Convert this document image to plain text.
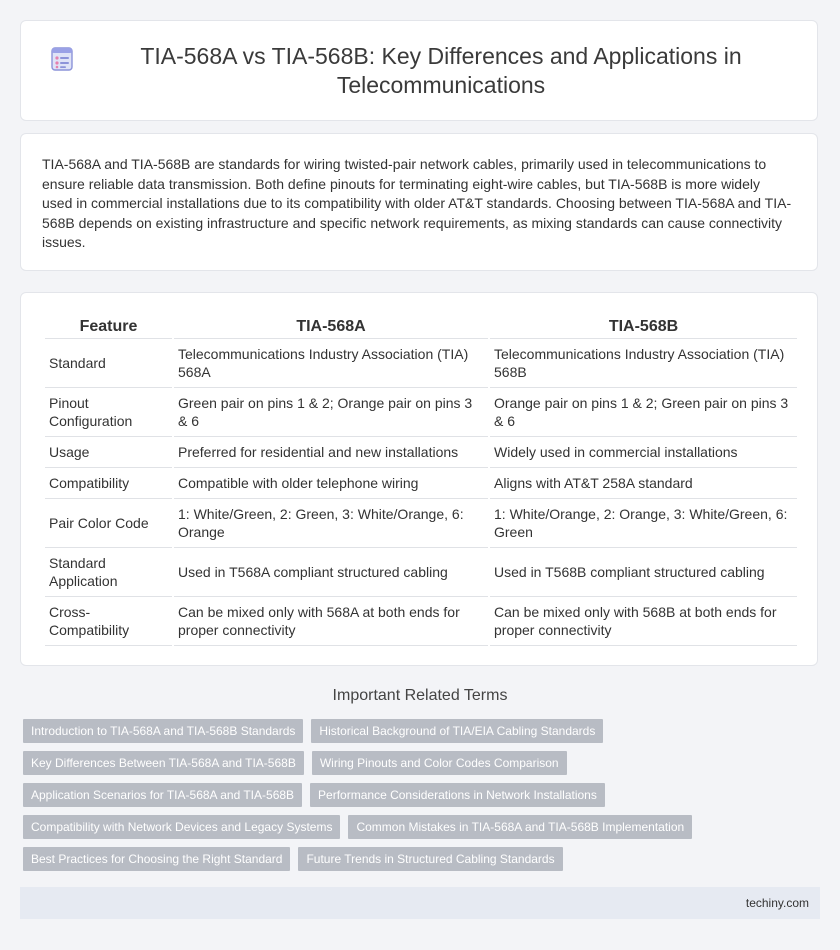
TIA-568A vs TIA-568B: Key Differences and Applications in Telecommunications

TIA-568A and TIA-568B are standards for wiring twisted-pair network cables, primarily used in telecommunications to ensure reliable data transmission. Both define pinouts for terminating eight-wire cables, but TIA-568B is more widely used in commercial installations due to its compatibility with older AT&T standards. Choosing between TIA-568A and TIA-568B depends on existing infrastructure and specific network requirements, as mixing standards can cause connectivity issues.

Feature	TIA-568A	TIA-568B
Standard	Telecommunications Industry Association (TIA) 568A	Telecommunications Industry Association (TIA) 568B
Pinout Configuration	Green pair on pins 1 & 2; Orange pair on pins 3 & 6	Orange pair on pins 1 & 2; Green pair on pins 3 & 6
Usage	Preferred for residential and new installations	Widely used in commercial installations
Compatibility	Compatible with older telephone wiring	Aligns with AT&T 258A standard
Pair Color Code	1: White/Green, 2: Green, 3: White/Orange, 6: Orange	1: White/Orange, 2: Orange, 3: White/Green, 6: Green
Standard Application	Used in T568A compliant structured cabling	Used in T568B compliant structured cabling
Cross-Compatibility	Can be mixed only with 568A at both ends for proper connectivity	Can be mixed only with 568B at both ends for proper connectivity
Important Related Terms
Introduction to TIA-568A and TIA-568B Standards	Historical Background of TIA/EIA Cabling Standards
Key Differences Between TIA-568A and TIA-568B	Wiring Pinouts and Color Codes Comparison
Application Scenarios for TIA-568A and TIA-568B	Performance Considerations in Network Installations
Compatibility with Network Devices and Legacy Systems	Common Mistakes in TIA-568A and TIA-568B Implementation
Best Practices for Choosing the Right Standard	Future Trends in Structured Cabling Standards
techiny.com
